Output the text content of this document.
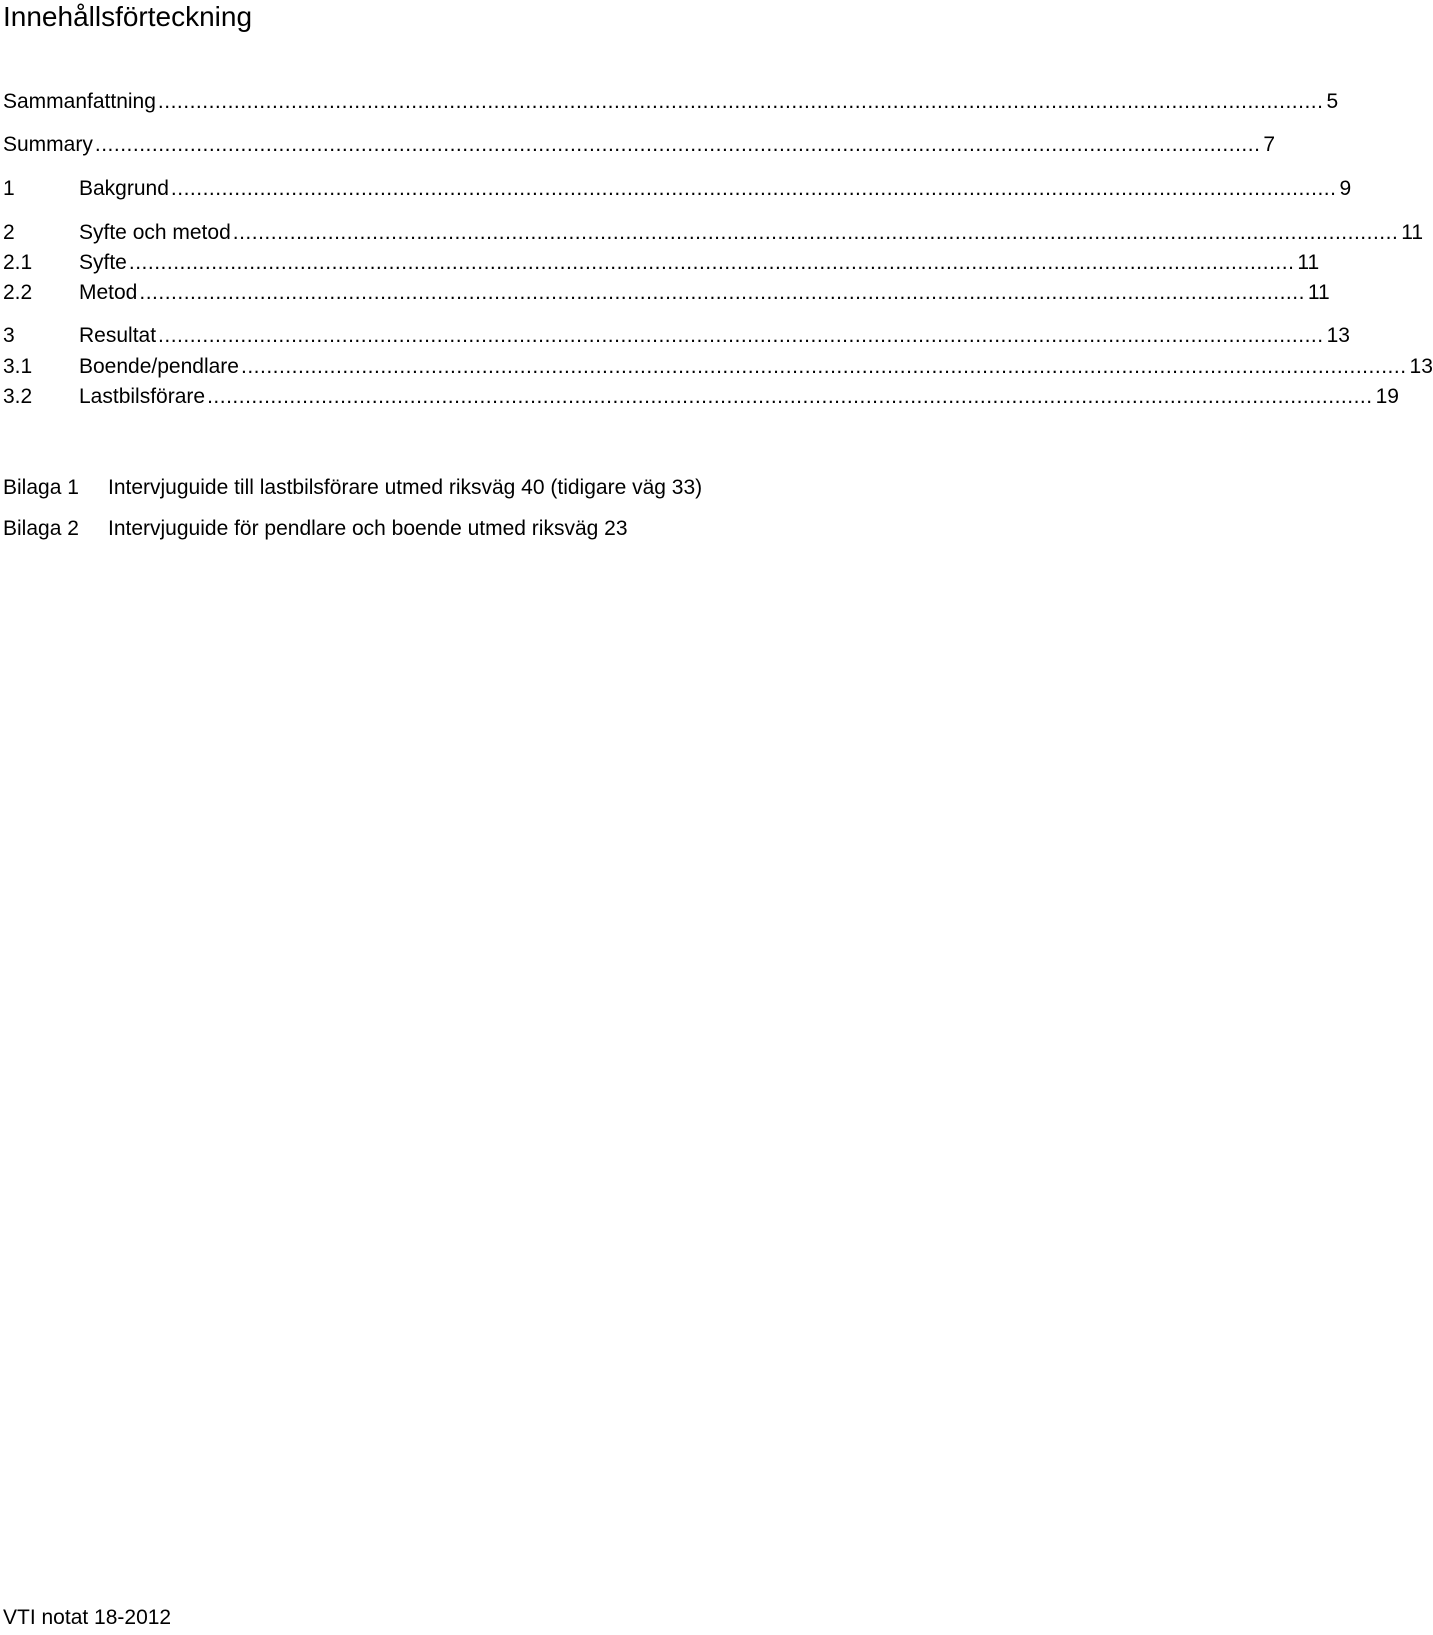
Innehållsförteckning
Sammanfattning ........................................................................................................................................................................................ 5
Summary ........................................................................................................................................................................................ 7
1	Bakgrund ........................................................................................................................................................................................ 9
2	Syfte och metod ........................................................................................................................................................................................ 11
2.1	Syfte ........................................................................................................................................................................................ 11
2.2	Metod ........................................................................................................................................................................................ 11
3	Resultat ........................................................................................................................................................................................ 13
3.1	Boende/pendlare ........................................................................................................................................................................................ 13
3.2	Lastbilsförare ........................................................................................................................................................................................ 19
Bilaga 1 Intervjuguide till lastbilsförare utmed riksväg 40 (tidigare väg 33)
Bilaga 2 Intervjuguide för pendlare och boende utmed riksväg 23
VTI notat 18-2012
